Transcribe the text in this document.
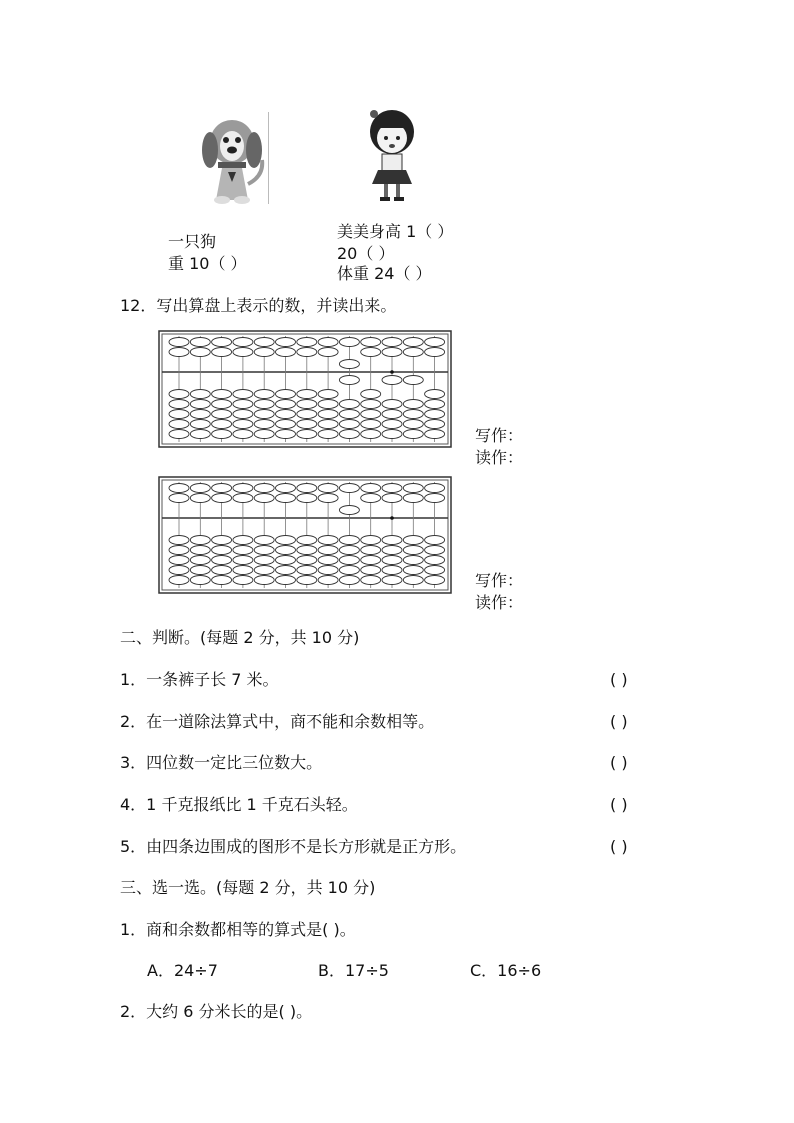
一只狗
重 10（ ）
美美身高 1（ ）
20（ ）
体重 24（ ）
12．写出算盘上表示的数，并读出来。
写作：
读作：
写作：
读作：
二、判断。(每题 2 分，共 10 分)
1．一条裤子长 7 米。	( )
2．在一道除法算式中，商不能和余数相等。	( )
3．四位数一定比三位数大。	( )
4．1 千克报纸比 1 千克石头轻。	( )
5．由四条边围成的图形不是长方形就是正方形。	( )
三、选一选。(每题 2 分，共 10 分)
1．商和余数都相等的算式是( )。
A．24÷7	B．17÷5	C．16÷6
2．大约 6 分米长的是( )。
